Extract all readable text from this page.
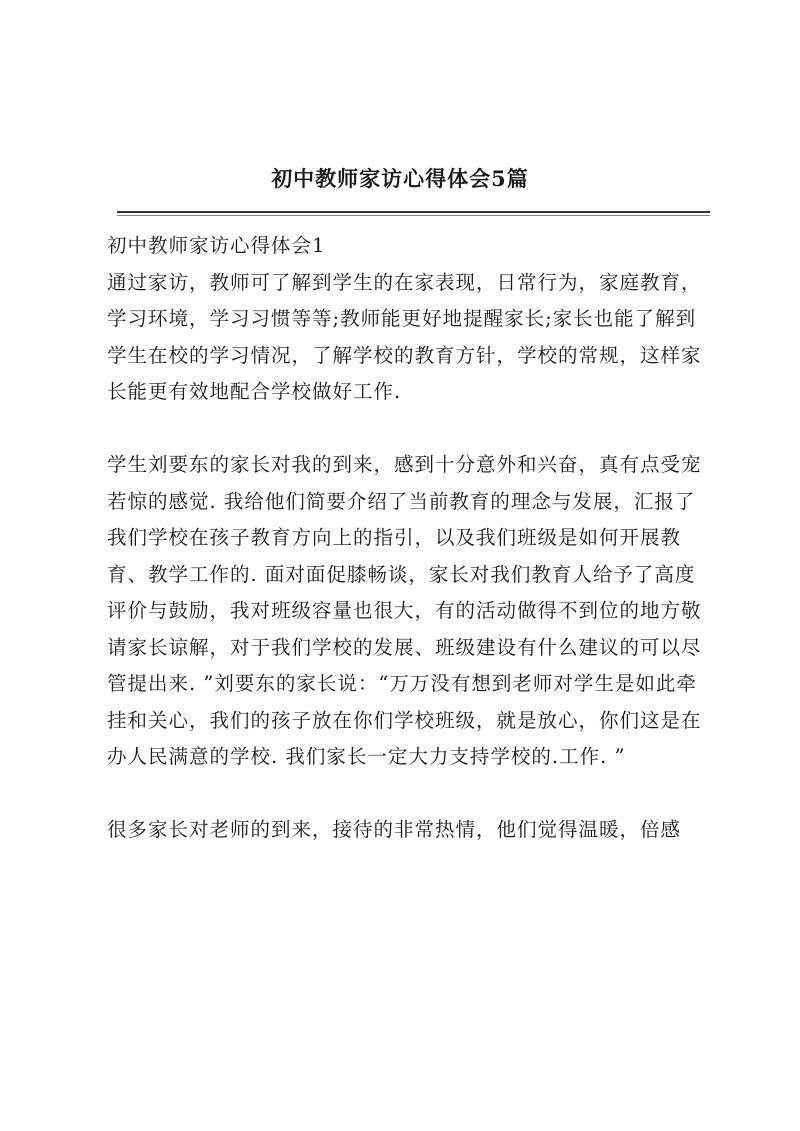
初中教师家访心得体会5篇

初中教师家访心得体会1

通过家访，教师可了解到学生的在家表现，日常行为，家庭教育，学习环境，学习习惯等等;教师能更好地提醒家长;家长也能了解到学生在校的学习情况，了解学校的教育方针，学校的常规，这样家长能更有效地配合学校做好工作.

学生刘要东的家长对我的到来，感到十分意外和兴奋，真有点受宠若惊的感觉. 我给他们简要介绍了当前教育的理念与发展，汇报了我们学校在孩子教育方向上的指引，以及我们班级是如何开展教育、教学工作的. 面对面促膝畅谈，家长对我们教育人给予了高度评价与鼓励，我对班级容量也很大，有的活动做得不到位的地方敬请家长谅解，对于我们学校的发展、班级建设有什么建议的可以尽管提出来. ”刘要东的家长说：“万万没有想到老师对学生是如此牵挂和关心，我们的孩子放在你们学校班级，就是放心，你们这是在办人民满意的学校. 我们家长一定大力支持学校的.工作. ”

很多家长对老师的到来，接待的非常热情，他们觉得温暖，倍感
